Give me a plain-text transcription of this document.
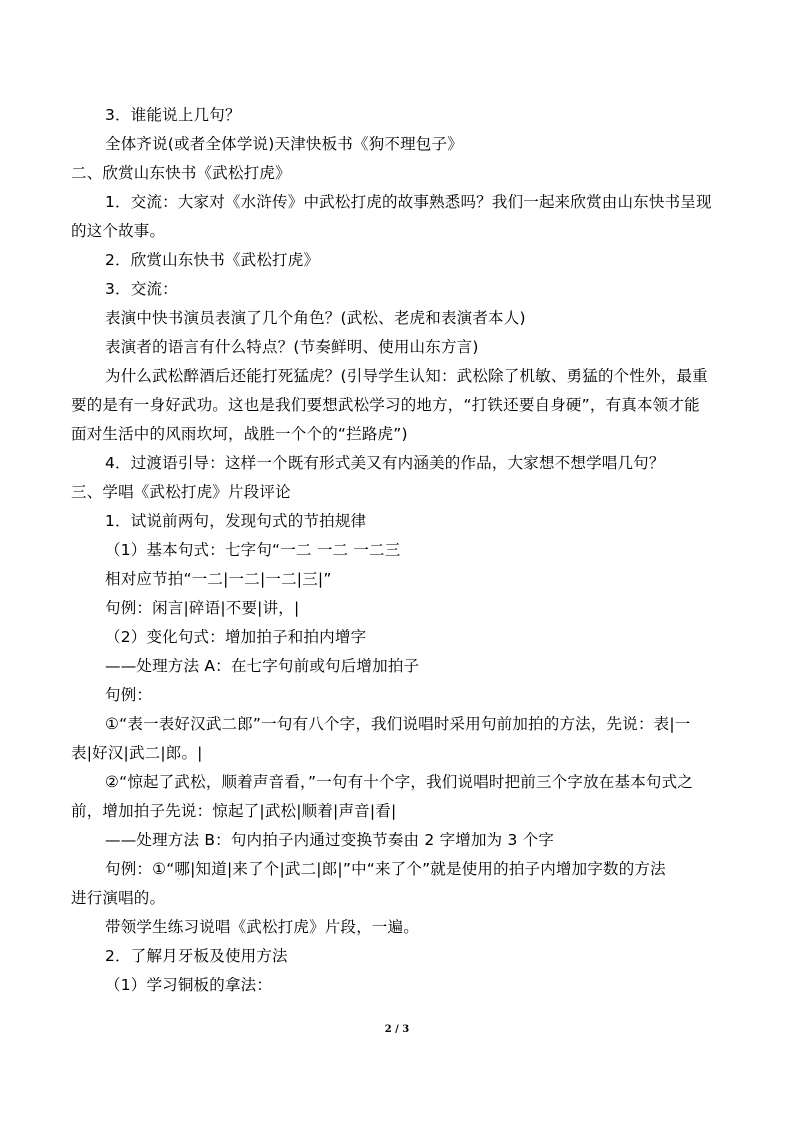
3．谁能说上几句？
全体齐说(或者全体学说)天津快板书《狗不理包子》
二、欣赏山东快书《武松打虎》
1．交流：大家对《水浒传》中武松打虎的故事熟悉吗？我们一起来欣赏由山东快书呈现
的这个故事。
2．欣赏山东快书《武松打虎》
3．交流：
表演中快书演员表演了几个角色？(武松、老虎和表演者本人)
表演者的语言有什么特点？(节奏鲜明、使用山东方言)
为什么武松醉酒后还能打死猛虎？(引导学生认知：武松除了机敏、勇猛的个性外，最重
要的是有一身好武功。这也是我们要想武松学习的地方，“打铁还要自身硬”，有真本领才能
面对生活中的风雨坎坷，战胜一个个的“拦路虎”)
4．过渡语引导：这样一个既有形式美又有内涵美的作品，大家想不想学唱几句？
三、学唱《武松打虎》片段评论
1．试说前两句，发现句式的节拍规律
（1）基本句式：七字句“一二 一二 一二三
相对应节拍“一二|一二|一二|三|”
句例：闲言|碎语|不要|讲，|
（2）变化句式：增加拍子和拍内增字
——处理方法 A：在七字句前或句后增加拍子
句例：
①“表一表好汉武二郎”一句有八个字，我们说唱时采用句前加拍的方法，先说：表|一
表|好汉|武二|郎。|
②“惊起了武松，顺着声音看，”一句有十个字，我们说唱时把前三个字放在基本句式之
前，增加拍子先说：惊起了|武松|顺着|声音|看|
——处理方法 B：句内拍子内通过变换节奏由 2 字增加为 3 个字
句例：①“哪|知道|来了个|武二|郎|”中“来了个”就是使用的拍子内增加字数的方法
进行演唱的。
带领学生练习说唱《武松打虎》片段，一遍。
2．了解月牙板及使用方法
（1）学习铜板的拿法：
2 / 3
